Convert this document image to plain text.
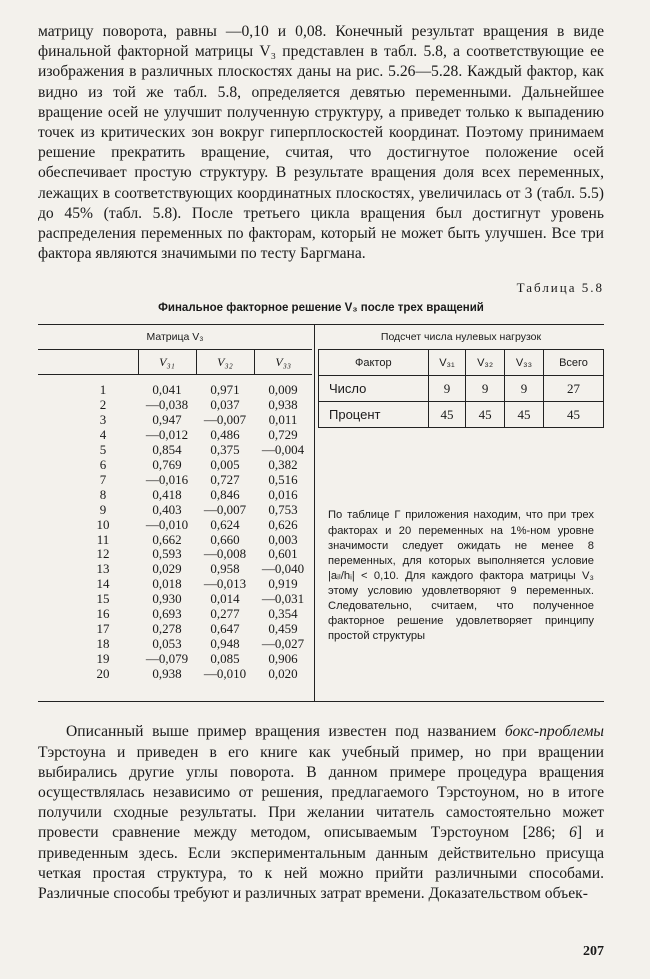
матрицу поворота, равны —0,10 и 0,08. Конечный результат вращения в виде финальной факторной матрицы V₃ представлен в табл. 5.8, а соответствующие ее изображения в различных плоскостях даны на рис. 5.26—5.28. Каждый фактор, как видно из той же табл. 5.8, определяется девятью переменными. Дальнейшее вращение осей не улучшит полученную структуру, а приведет только к выпадению точек из критических зон вокруг гиперплоскостей координат. Поэтому принимаем решение прекратить вращение, считая, что достигнутое положение осей обеспечивает простую структуру. В результате вращения доля всех переменных, лежащих в соответствующих координатных плоскостях, увеличилась от 3 (табл. 5.5) до 45% (табл. 5.8). После третьего цикла вращения был достигнут уровень распределения переменных по факторам, который не может быть улучшен. Все три фактора являются значимыми по тесту Баргмана.

Таблица 5.8
Финальное факторное решение V₃ после трех вращений
Матрица V₃
	V₃₁	V₃₂	V₃₃
1	0,041	0,971	0,009
2	—0,038	0,037	0,938
3	0,947	—0,007	0,011
4	—0,012	0,486	0,729
5	0,854	0,375	—0,004
6	0,769	0,005	0,382
7	—0,016	0,727	0,516
8	0,418	0,846	0,016
9	0,403	—0,007	0,753
10	—0,010	0,624	0,626
11	0,662	0,660	0,003
12	0,593	—0,008	0,601
13	0,029	0,958	—0,040
14	0,018	—0,013	0,919
15	0,930	0,014	—0,031
16	0,693	0,277	0,354
17	0,278	0,647	0,459
18	0,053	0,948	—0,027
19	—0,079	0,085	0,906
20	0,938	—0,010	0,020
Подсчет числа нулевых нагрузок
Фактор	V₃₁	V₃₂	V₃₃	Всего
Число	9	9	9	27
Процент	45	45	45	45
По таблице Г приложения находим, что при трех факторах и 20 переменных на 1%-ном уровне значимости следует ожидать не менее 8 переменных, для которых выполняется условие |aᵢₗ/hᵢ| < 0,10. Для каждого фактора матрицы V₃ этому условию удовлетворяют 9 переменных. Следовательно, считаем, что полученное факторное решение удовлетворяет принципу простой структуры

Описанный выше пример вращения известен под названием бокс-проблемы Тэрстоуна и приведен в его книге как учебный пример, но при вращении выбирались другие углы поворота. В данном примере процедура вращения осуществлялась независимо от решения, предлагаемого Тэрстоуном, но в итоге получили сходные результаты. При желании читатель самостоятельно может провести сравнение между методом, описываемым Тэрстоуном [286; 6] и приведенным здесь. Если экспериментальным данным действительно присуща четкая простая структура, то к ней можно прийти различными способами. Различные способы требуют и различных затрат времени. Доказательством объек-

207
